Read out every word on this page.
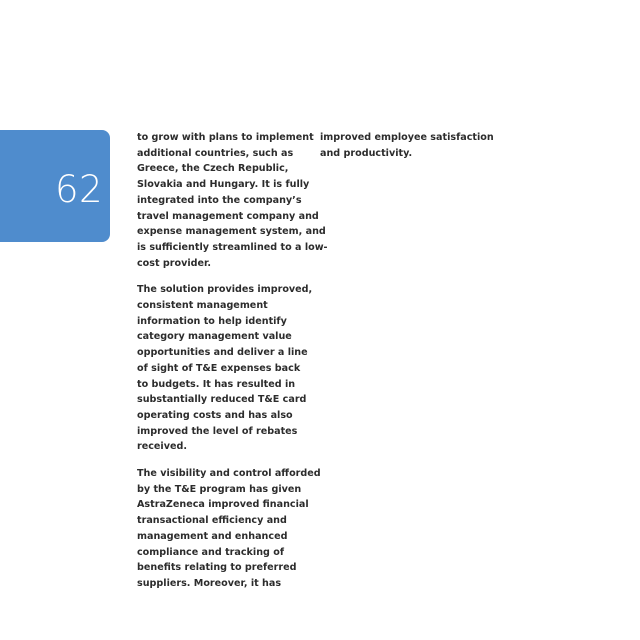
62
to grow with plans to implement
additional countries, such as
Greece, the Czech Republic,
Slovakia and Hungary. It is fully
integrated into the company’s
travel management company and
expense management system, and
is sufficiently streamlined to a low-
cost provider.
The solution provides improved,
consistent management
information to help identify
category management value
opportunities and deliver a line
of sight of T&E expenses back
to budgets. It has resulted in
substantially reduced T&E card
operating costs and has also
improved the level of rebates
received.
The visibility and control afforded
by the T&E program has given
AstraZeneca improved financial
transactional efficiency and
management and enhanced
compliance and tracking of
benefits relating to preferred
suppliers. Moreover, it has
improved employee satisfaction
and productivity.
